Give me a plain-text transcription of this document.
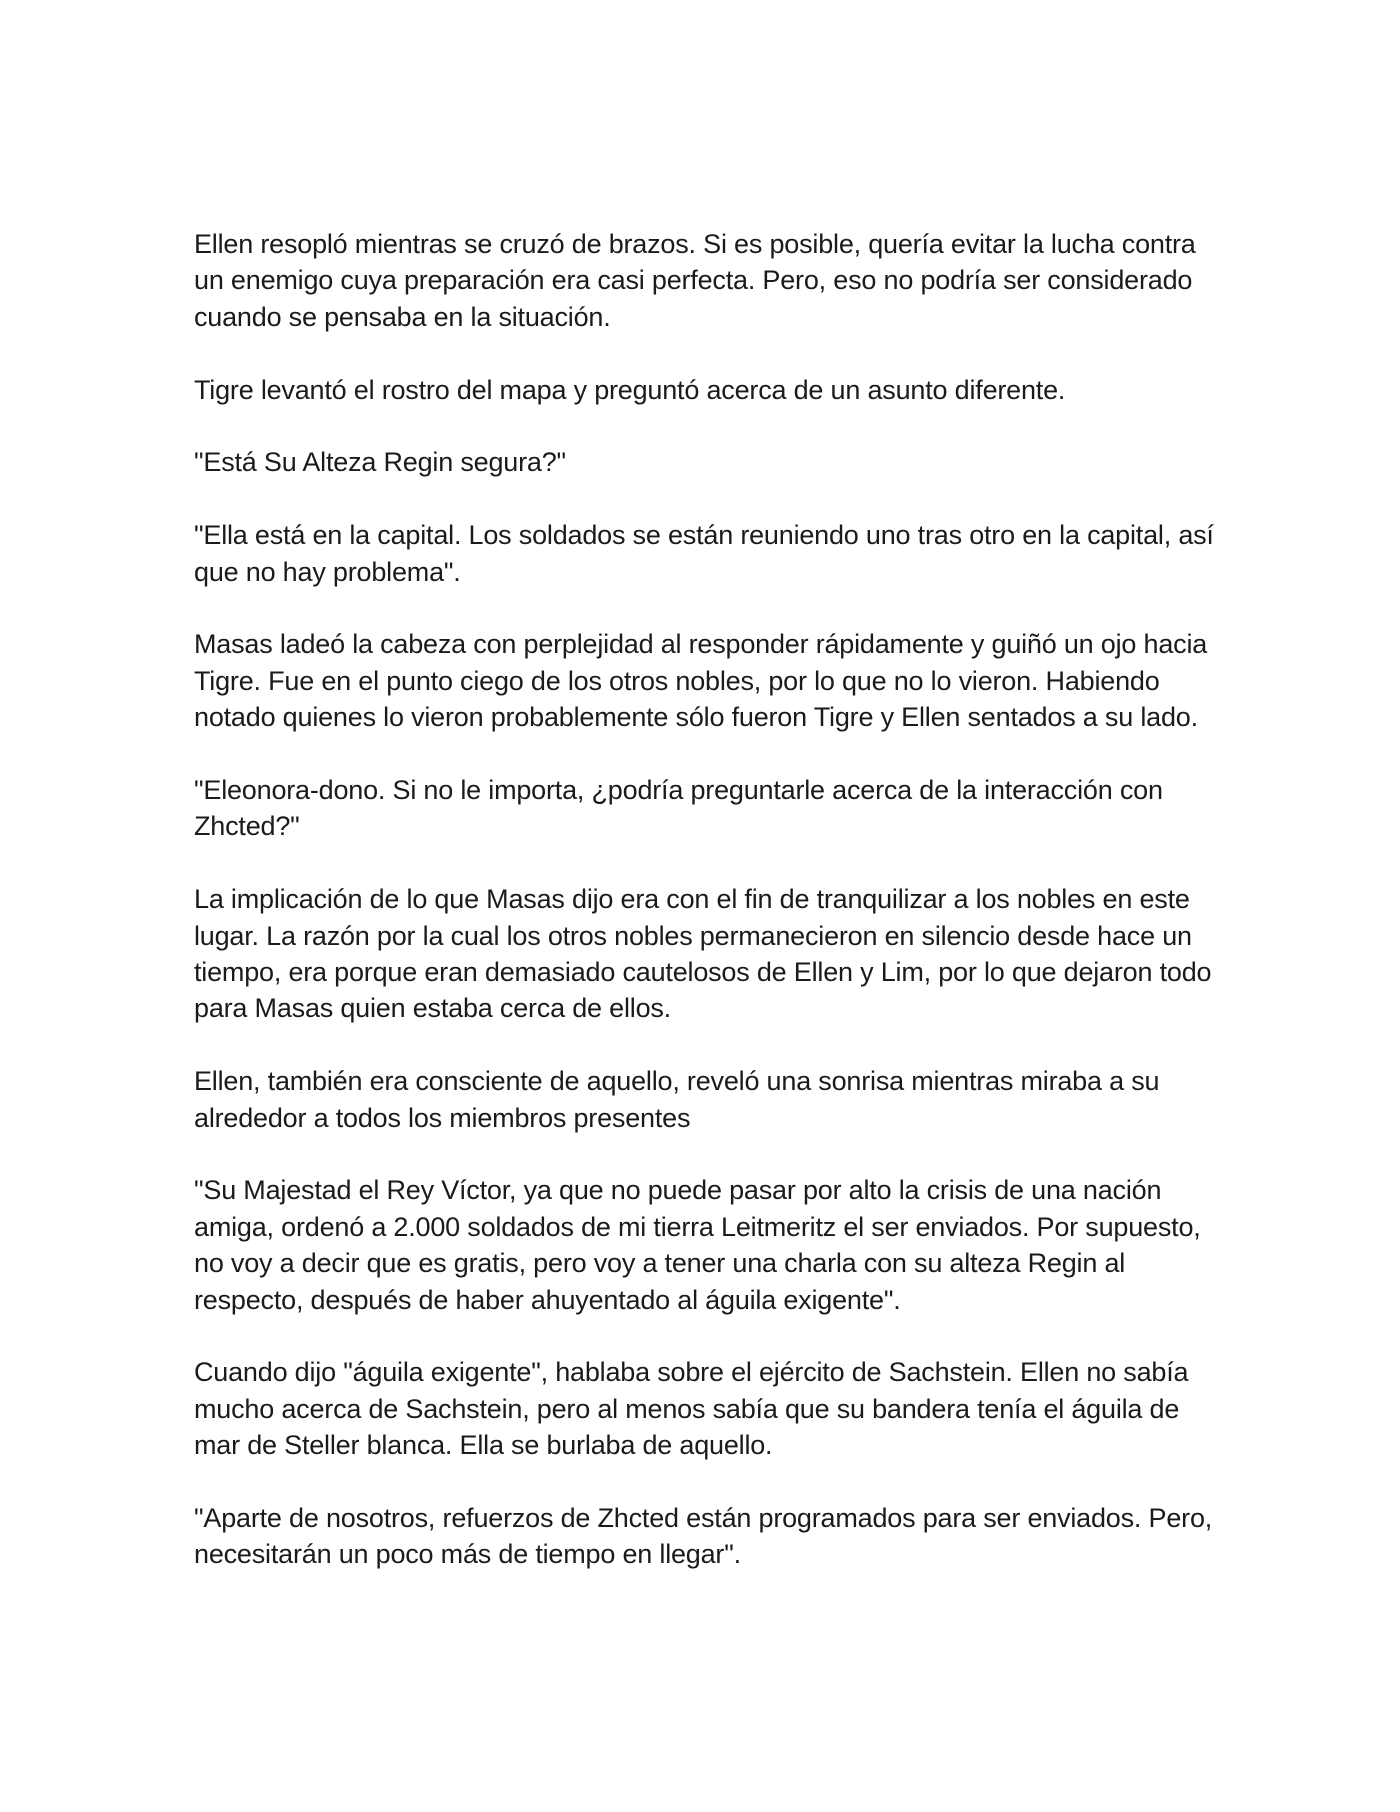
Ellen resopló mientras se cruzó de brazos. Si es posible, quería evitar la lucha contra un enemigo cuya preparación era casi perfecta. Pero, eso no podría ser considerado cuando se pensaba en la situación.

Tigre levantó el rostro del mapa y preguntó acerca de un asunto diferente.

"Está Su Alteza Regin segura?"

"Ella está en la capital. Los soldados se están reuniendo uno tras otro en la capital, así que no hay problema".

Masas ladeó la cabeza con perplejidad al responder rápidamente y guiñó un ojo hacia Tigre. Fue en el punto ciego de los otros nobles, por lo que no lo vieron. Habiendo notado quienes lo vieron probablemente sólo fueron Tigre y Ellen sentados a su lado.

"Eleonora-dono. Si no le importa, ¿podría preguntarle acerca de la interacción con Zhcted?"

La implicación de lo que Masas dijo era con el fin de tranquilizar a los nobles en este lugar. La razón por la cual los otros nobles permanecieron en silencio desde hace un tiempo, era porque eran demasiado cautelosos de Ellen y Lim, por lo que dejaron todo para Masas quien estaba cerca de ellos.

Ellen, también era consciente de aquello, reveló una sonrisa mientras miraba a su alrededor a todos los miembros presentes

"Su Majestad el Rey Víctor, ya que no puede pasar por alto la crisis de una nación amiga, ordenó a 2.000 soldados de mi tierra Leitmeritz el ser enviados. Por supuesto, no voy a decir que es gratis, pero voy a tener una charla con su alteza Regin al respecto, después de haber ahuyentado al águila exigente".

Cuando dijo "águila exigente", hablaba sobre el ejército de Sachstein. Ellen no sabía mucho acerca de Sachstein, pero al menos sabía que su bandera tenía el águila de mar de Steller blanca. Ella se burlaba de aquello.

"Aparte de nosotros, refuerzos de Zhcted están programados para ser enviados. Pero, necesitarán un poco más de tiempo en llegar".
